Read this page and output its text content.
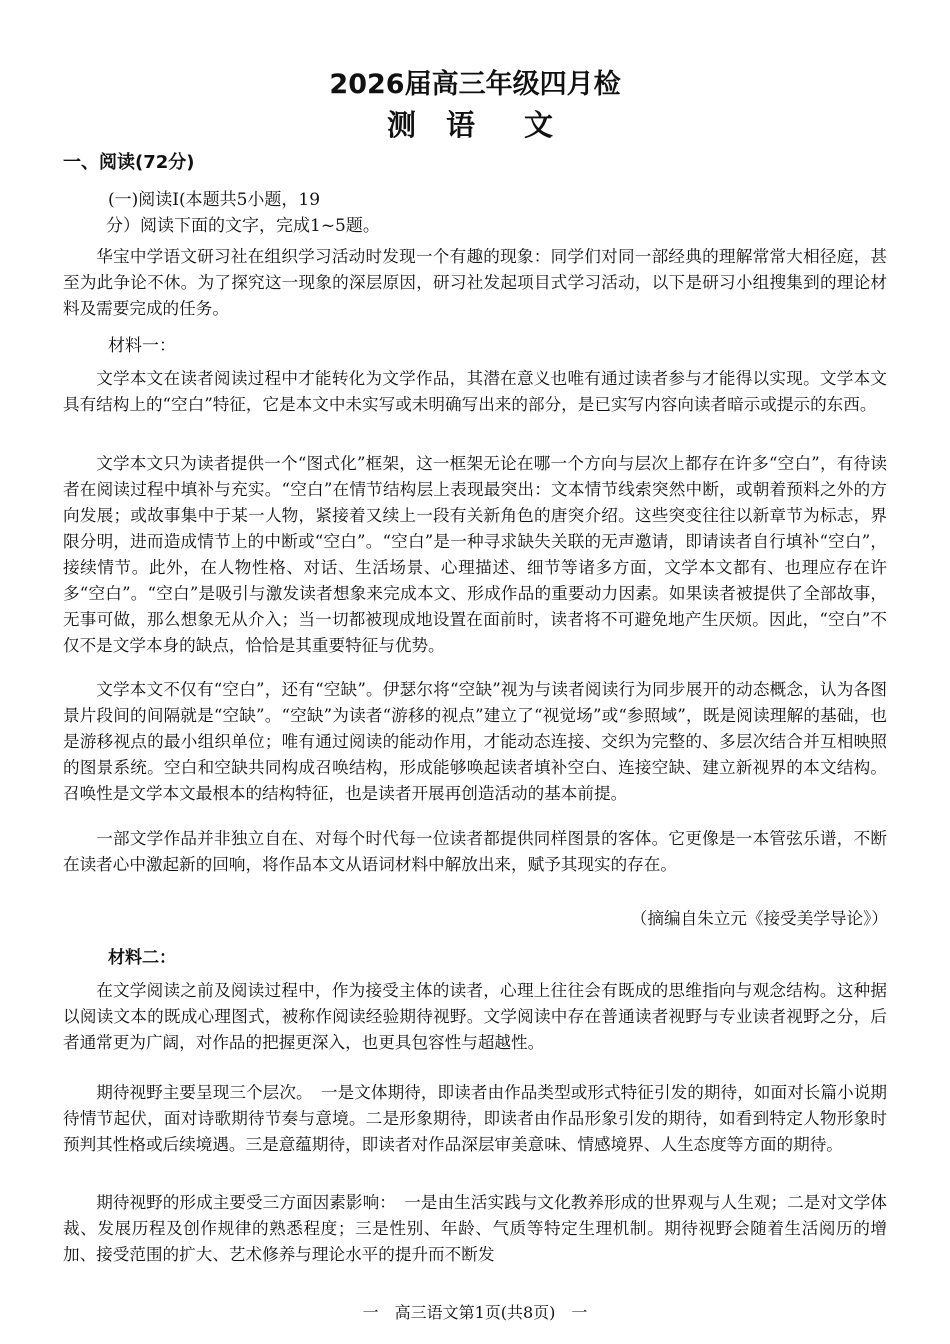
2026届高三年级四月检
测 语　文
一、阅读(72分)
(一)阅读Ⅰ(本题共5小题，19
分）阅读下面的文字，完成1~5题。

华宝中学语文研习社在组织学习活动时发现一个有趣的现象：同学们对同一部经典的理解常常大相径庭，甚至为此争论不休。为了探究这一现象的深层原因，研习社发起项目式学习活动，以下是研习小组搜集到的理论材料及需要完成的任务。

材料一：

文学本文在读者阅读过程中才能转化为文学作品，其潜在意义也唯有通过读者参与才能得以实现。文学本文具有结构上的“空白”特征，它是本文中未实写或未明确写出来的部分，是已实写内容向读者暗示或提示的东西。

文学本文只为读者提供一个“图式化”框架，这一框架无论在哪一个方向与层次上都存在许多“空白”，有待读者在阅读过程中填补与充实。“空白”在情节结构层上表现最突出：文本情节线索突然中断，或朝着预料之外的方向发展；或故事集中于某一人物，紧接着又续上一段有关新角色的唐突介绍。这些突变往往以新章节为标志，界限分明，进而造成情节上的中断或“空白”。“空白”是一种寻求缺失关联的无声邀请，即请读者自行填补“空白”，接续情节。此外，在人物性格、对话、生活场景、心理描述、细节等诸多方面，文学本文都有、也理应存在许多“空白”。“空白”是吸引与激发读者想象来完成本文、形成作品的重要动力因素。如果读者被提供了全部故事，无事可做，那么想象无从介入；当一切都被现成地设置在面前时，读者将不可避免地产生厌烦。因此，“空白”不仅不是文学本身的缺点，恰恰是其重要特征与优势。

文学本文不仅有“空白”，还有“空缺”。伊瑟尔将“空缺”视为与读者阅读行为同步展开的动态概念，认为各图景片段间的间隔就是“空缺”。“空缺”为读者“游移的视点”建立了“视觉场”或“参照域”，既是阅读理解的基础，也是游移视点的最小组织单位；唯有通过阅读的能动作用，才能动态连接、交织为完整的、多层次结合并互相映照的图景系统。空白和空缺共同构成召唤结构，形成能够唤起读者填补空白、连接空缺、建立新视界的本文结构。召唤性是文学本文最根本的结构特征，也是读者开展再创造活动的基本前提。

一部文学作品并非独立自在、对每个时代每一位读者都提供同样图景的客体。它更像是一本管弦乐谱，不断在读者心中激起新的回响，将作品本文从语词材料中解放出来，赋予其现实的存在。

（摘编自朱立元《接受美学导论》）
材料二：

在文学阅读之前及阅读过程中，作为接受主体的读者，心理上往往会有既成的思维指向与观念结构。这种据以阅读文本的既成心理图式，被称作阅读经验期待视野。文学阅读中存在普通读者视野与专业读者视野之分，后者通常更为广阔，对作品的把握更深入，也更具包容性与超越性。

期待视野主要呈现三个层次。　一是文体期待，即读者由作品类型或形式特征引发的期待，如面对长篇小说期待情节起伏，面对诗歌期待节奏与意境。二是形象期待，即读者由作品形象引发的期待，如看到特定人物形象时预判其性格或后续境遇。三是意蕴期待，即读者对作品深层审美意味、情感境界、人生态度等方面的期待。

期待视野的形成主要受三方面因素影响：　一是由生活实践与文化教养形成的世界观与人生观；二是对文学体裁、发展历程及创作规律的熟悉程度；三是性别、年龄、气质等特定生理机制。期待视野会随着生活阅历的增加、接受范围的扩大、艺术修养与理论水平的提升而不断发

一　高三语文第1页(共8页)　一
